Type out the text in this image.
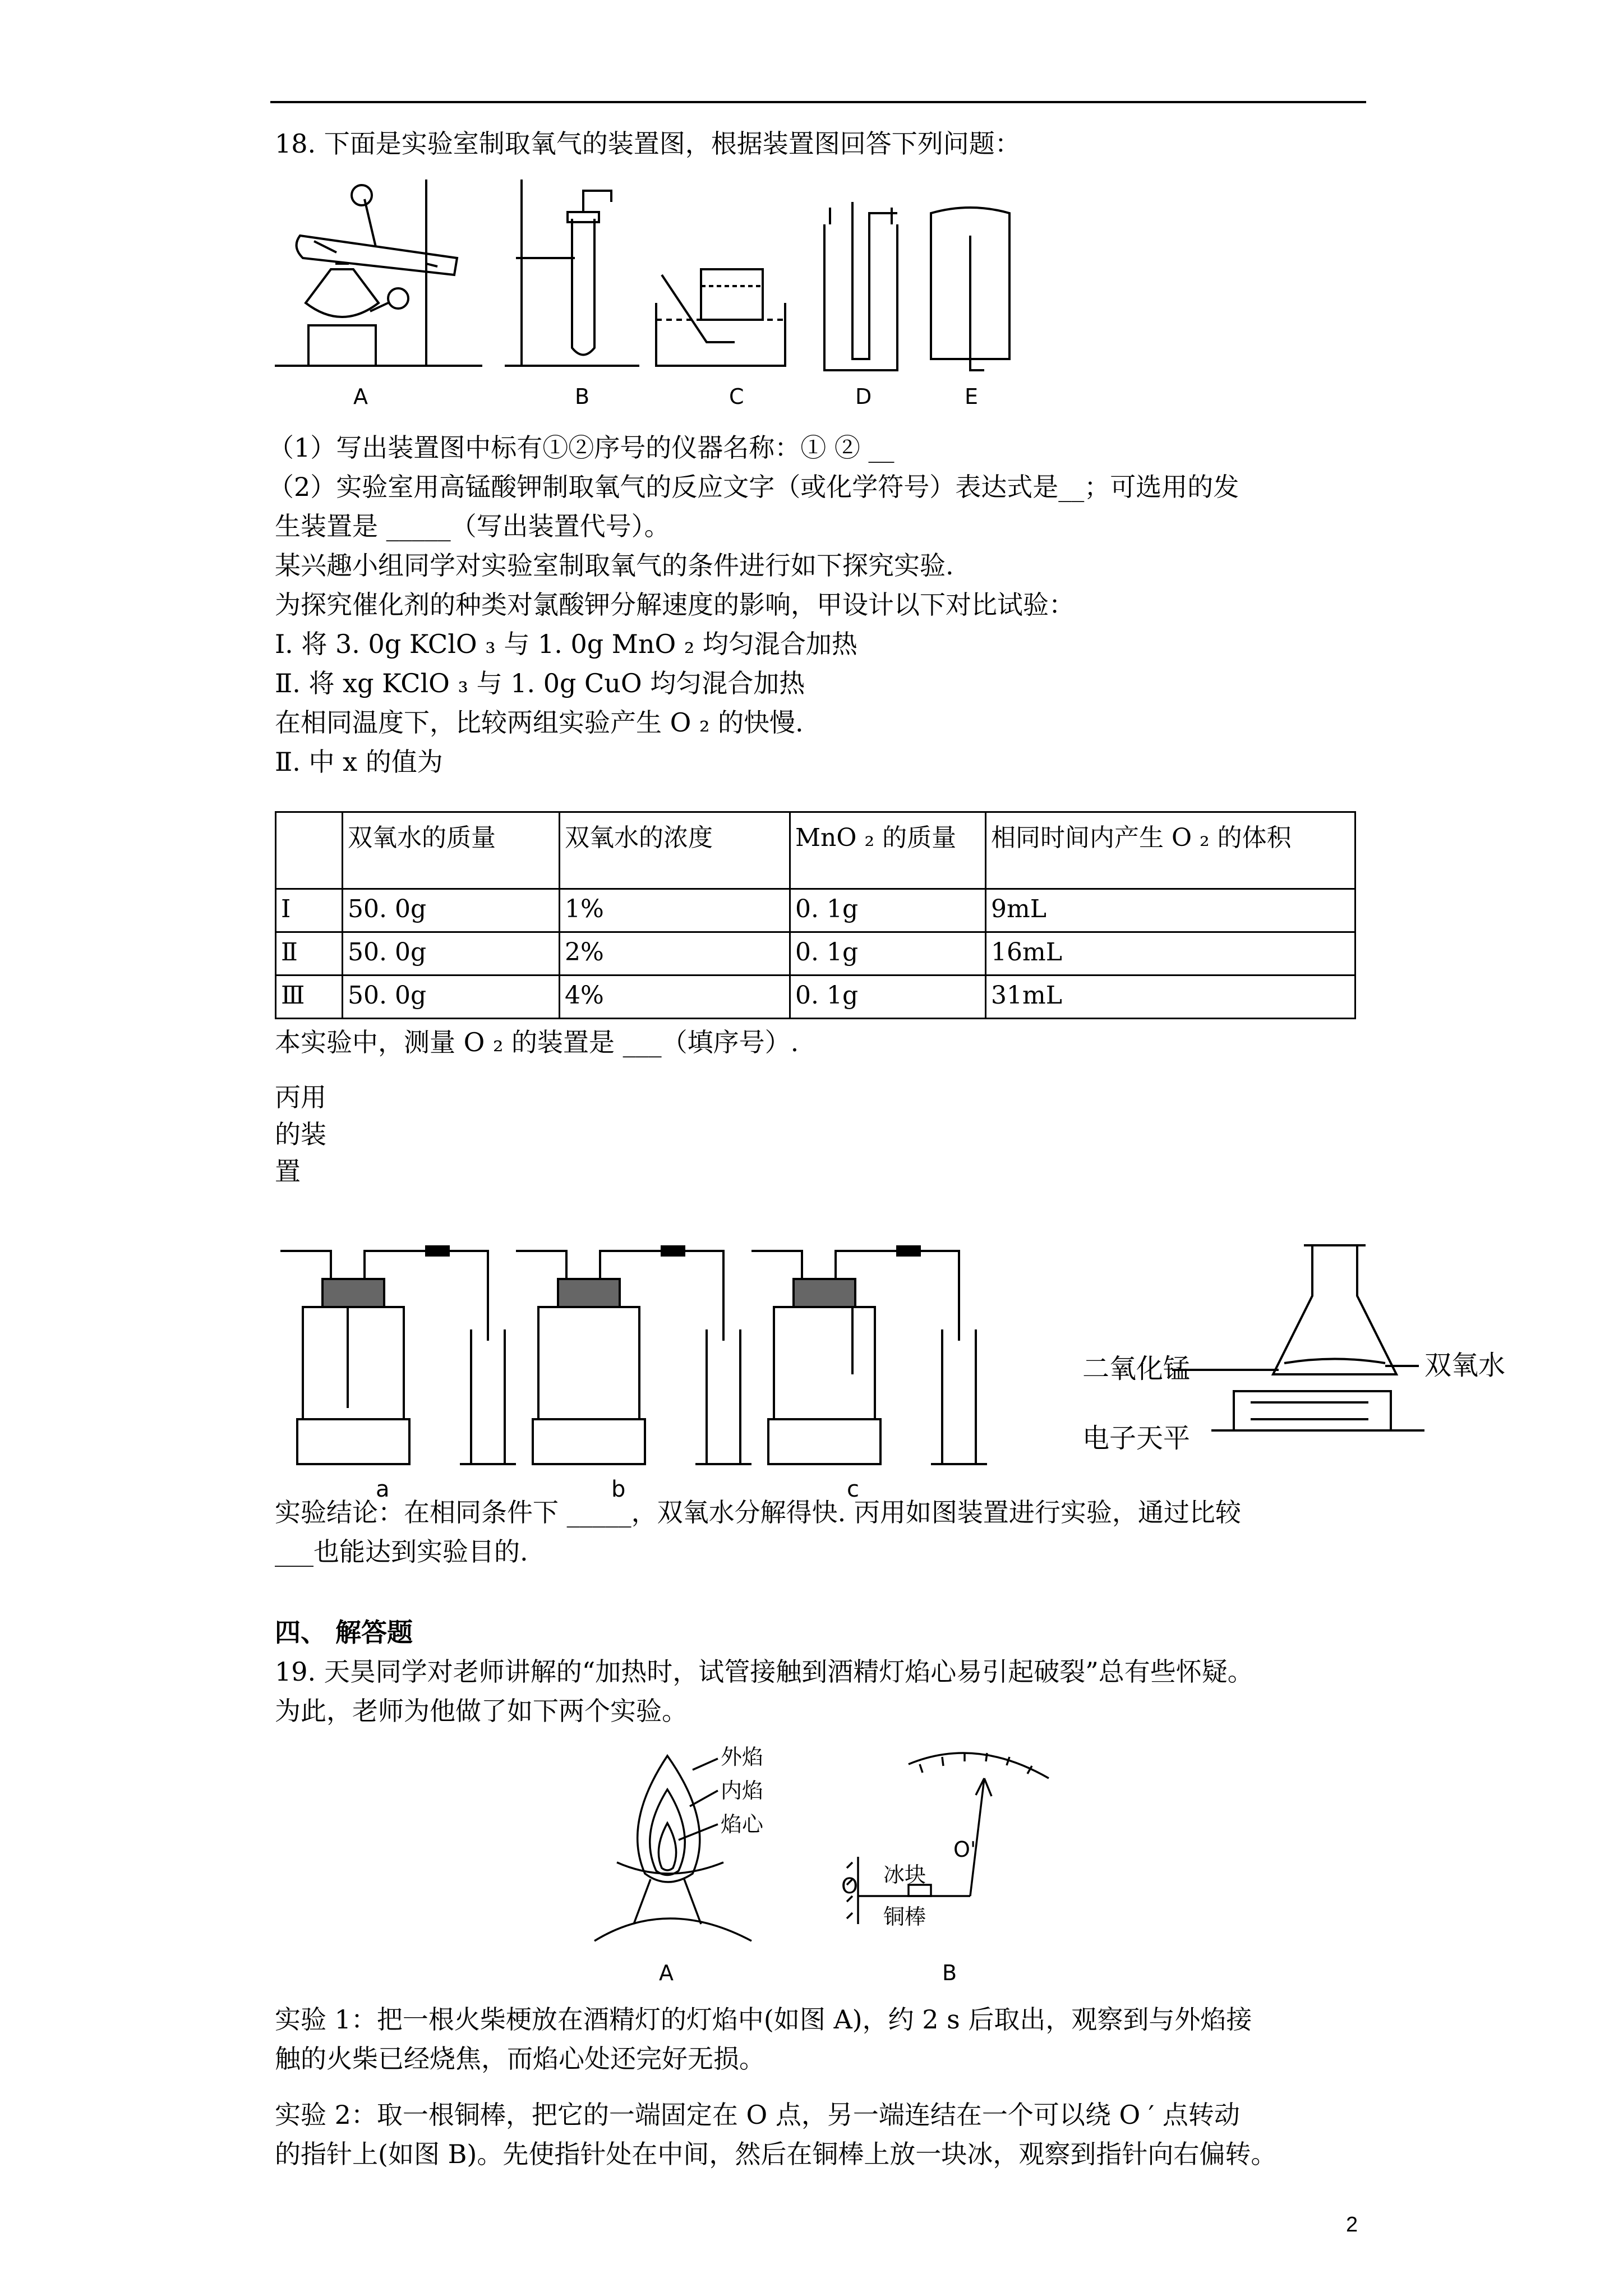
18. 下面是实验室制取氧气的装置图，根据装置图回答下列问题：
A	B	C	D	E
（1）写出装置图中标有①②序号的仪器名称：① ② __
（2）实验室用高锰酸钾制取氧气的反应文字（或化学符号）表达式是__；可选用的发
生装置是 _____（写出装置代号）。
某兴趣小组同学对实验室制取氧气的条件进行如下探究实验.
为探究催化剂的种类对氯酸钾分解速度的影响，甲设计以下对比试验：
Ⅰ. 将 3. 0g KClO ₃ 与 1. 0g MnO ₂ 均匀混合加热
Ⅱ. 将 xg KClO ₃ 与 1. 0g CuO 均匀混合加热
在相同温度下，比较两组实验产生 O ₂ 的快慢.
Ⅱ. 中 x 的值为
	双氧水的质量	双氧水的浓度	MnO ₂ 的质量	相同时间内产生 O ₂ 的体积
Ⅰ	50. 0g	1%	0. 1g	9mL
Ⅱ	50. 0g	2%	0. 1g	16mL
Ⅲ	50. 0g	4%	0. 1g	31mL
本实验中，测量 O ₂ 的装置是 ___（填序号）.
丙用
的装
置
a	b	c
二氧化锰	双氧水
电子天平
实验结论：在相同条件下 _____，双氧水分解得快. 丙用如图装置进行实验，通过比较
___也能达到实验目的.
四、 解答题
19. 天昊同学对老师讲解的“加热时，试管接触到酒精灯焰心易引起破裂”总有些怀疑。
为此，老师为他做了如下两个实验。
外焰
内焰
焰心
A
O
O'
冰块
铜棒
B
实验 1：把一根火柴梗放在酒精灯的灯焰中(如图 A)，约 2 s 后取出，观察到与外焰接
触的火柴已经烧焦，而焰心处还完好无损。
实验 2：取一根铜棒，把它的一端固定在 O 点，另一端连结在一个可以绕 O ′ 点转动
的指针上(如图 B)。先使指针处在中间，然后在铜棒上放一块冰，观察到指针向右偏转。
2
